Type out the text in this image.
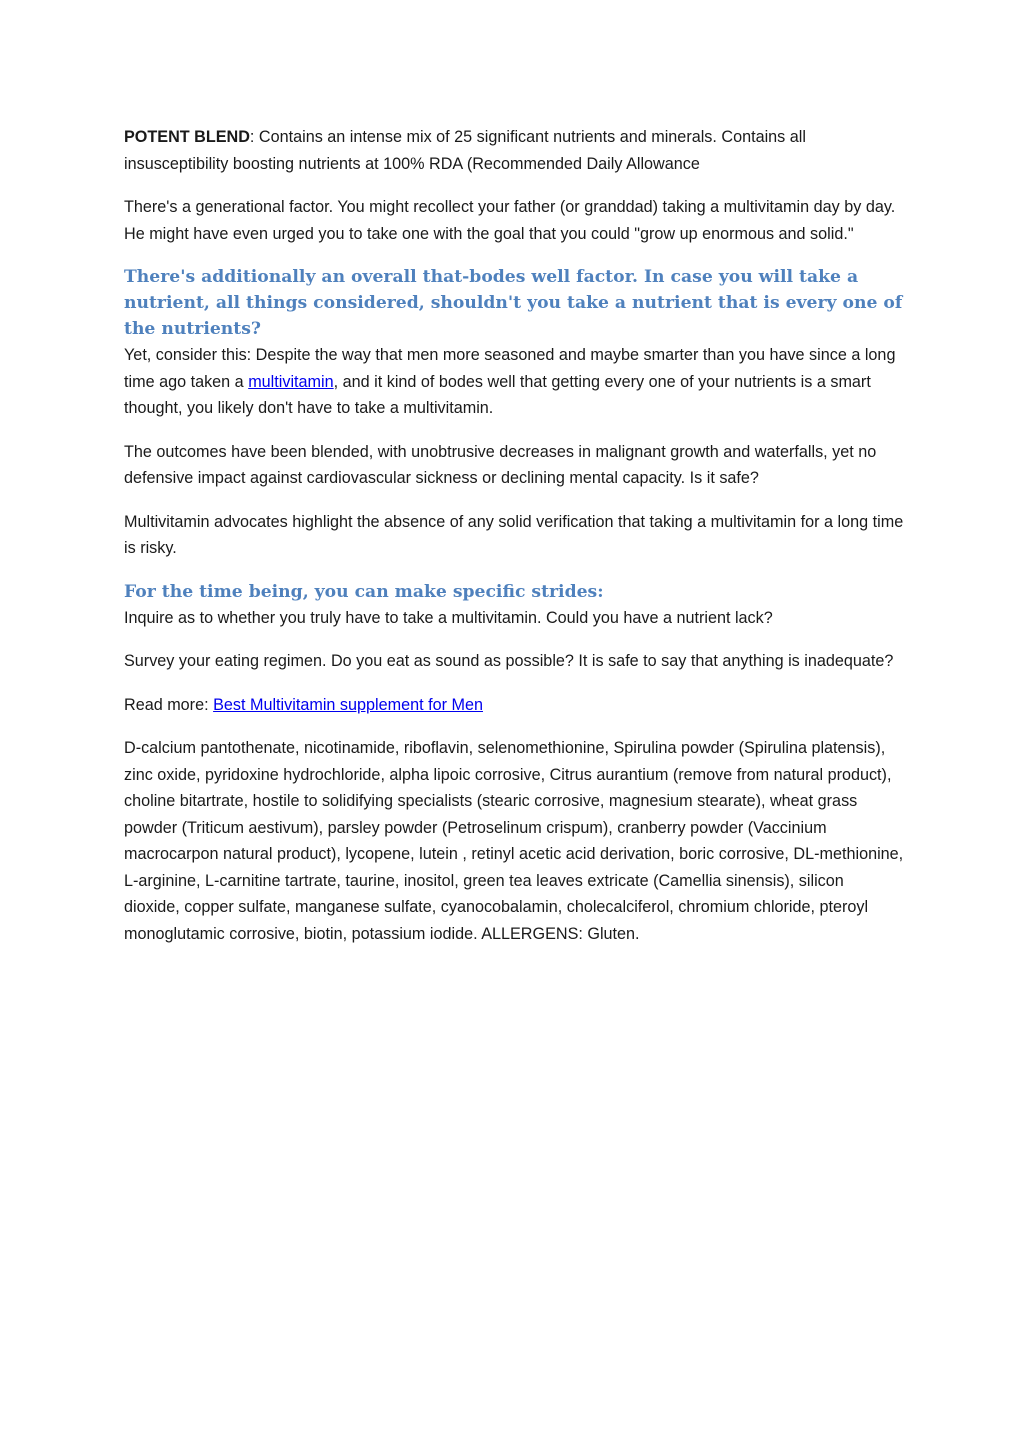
POTENT BLEND: Contains an intense mix of 25 significant nutrients and minerals. Contains all insusceptibility boosting nutrients at 100% RDA (Recommended Daily Allowance

There's a generational factor. You might recollect your father (or granddad) taking a multivitamin day by day. He might have even urged you to take one with the goal that you could "grow up enormous and solid."

There's additionally an overall that-bodes well factor. In case you will take a nutrient, all things considered, shouldn't you take a nutrient that is every one of the nutrients?

Yet, consider this: Despite the way that men more seasoned and maybe smarter than you have since a long time ago taken a multivitamin, and it kind of bodes well that getting every one of your nutrients is a smart thought, you likely don't have to take a multivitamin.

The outcomes have been blended, with unobtrusive decreases in malignant growth and waterfalls, yet no defensive impact against cardiovascular sickness or declining mental capacity. Is it safe?

Multivitamin advocates highlight the absence of any solid verification that taking a multivitamin for a long time is risky.

For the time being, you can make specific strides:

Inquire as to whether you truly have to take a multivitamin. Could you have a nutrient lack?

Survey your eating regimen. Do you eat as sound as possible? It is safe to say that anything is inadequate?

Read more: Best Multivitamin supplement for Men

D-calcium pantothenate, nicotinamide, riboflavin, selenomethionine, Spirulina powder (Spirulina platensis), zinc oxide, pyridoxine hydrochloride, alpha lipoic corrosive, Citrus aurantium (remove from natural product), choline bitartrate, hostile to solidifying specialists (stearic corrosive, magnesium stearate), wheat grass powder (Triticum aestivum), parsley powder (Petroselinum crispum), cranberry powder (Vaccinium macrocarpon natural product), lycopene, lutein , retinyl acetic acid derivation, boric corrosive, DL-methionine, L-arginine, L-carnitine tartrate, taurine, inositol, green tea leaves extricate (Camellia sinensis), silicon dioxide, copper sulfate, manganese sulfate, cyanocobalamin, cholecalciferol, chromium chloride, pteroyl monoglutamic corrosive, biotin, potassium iodide. ALLERGENS: Gluten.
